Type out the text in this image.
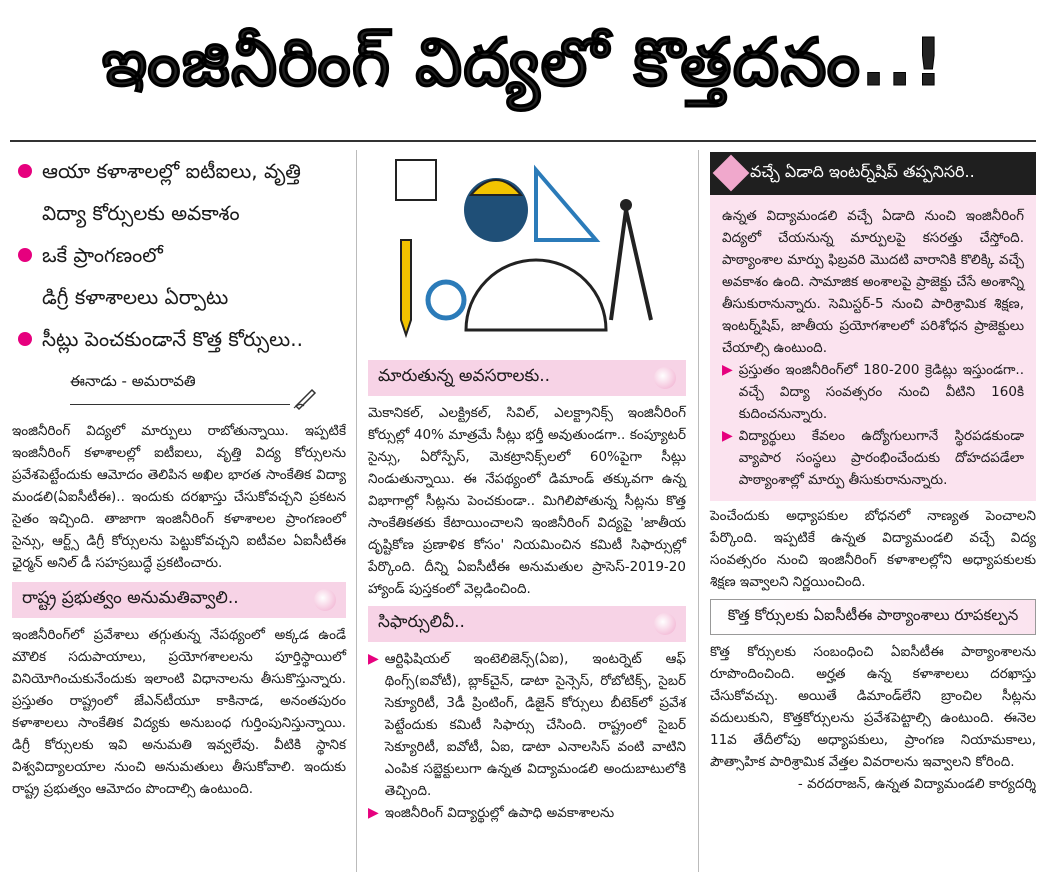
ఇంజినీరింగ్ విద్యలో కొత్తదనం..!
ఆయా కళాశాలల్లో ఐటీఐలు, వృత్తి
విద్యా కోర్సులకు అవకాశం
ఒకే ప్రాంగణంలో
డిగ్రీ కళాశాలలు ఏర్పాటు
సీట్లు పెంచకుండానే కొత్త కోర్సులు..
ఈనాడు - అమరావతి

ఇంజినీరింగ్ విద్యలో మార్పులు రాబోతున్నాయి. ఇప్పటికే ఇంజినీరింగ్ కళాశాలల్లో ఐటీఐలు, వృత్తి విద్య కోర్సులను ప్రవేశపెట్టేందుకు ఆమోదం తెలిపిన అఖిల భారత సాంకేతిక విద్యా మండలి(ఏఐసీటీఈ).. ఇందుకు దరఖాస్తు చేసుకోవచ్చని ప్రకటన సైతం ఇచ్చింది. తాజాగా ఇంజినీరింగ్ కళాశాలల ప్రాంగణంలో సైన్సు, ఆర్ట్స్ డిగ్రీ కోర్సులను పెట్టుకోవచ్చని ఐటీవల ఏఐసీటీఈ ఛైర్మన్ అనిల్ డీ సహస్రబుద్ధే ప్రకటించారు.

రాష్ట్ర ప్రభుత్వం అనుమతివ్వాలి..

ఇంజినీరింగ్‌లో ప్రవేశాలు తగ్గుతున్న నేపథ్యంలో అక్కడ ఉండే మౌలిక సదుపాయాలు, ప్రయోగశాలలను పూర్తిస్థాయిలో వినియోగించుకునేందుకు ఇలాంటి విధానాలను తీసుకొస్తున్నారు. ప్రస్తుతం రాష్ట్రంలో జేఎన్‌టీయూ కాకినాడ, అనంతపురం కళాశాలలు సాంకేతిక విద్యకు అనుబంధ గుర్తింపునిస్తున్నాయి. డిగ్రీ కోర్సులకు ఇవి అనుమతి ఇవ్వలేవు. వీటికి స్థానిక విశ్వవిద్యాలయాల నుంచి అనుమతులు తీసుకోవాలి. ఇందుకు రాష్ట్ర ప్రభుత్వం ఆమోదం పొందాల్సి ఉంటుంది.

మారుతున్న అవసరాలకు..

మెకానికల్, ఎలక్ట్రికల్, సివిల్, ఎలక్ట్రానిక్స్ ఇంజినీరింగ్ కోర్సుల్లో 40% మాత్రమే సీట్లు భర్తీ అవుతుండగా.. కంప్యూటర్ సైన్సు, ఏరోస్పేస్, మెకట్రానిక్స్‌లలో 60%పైగా సీట్లు నిండుతున్నాయి. ఈ నేపథ్యంలో డిమాండ్ తక్కువగా ఉన్న విభాగాల్లో సీట్లను పెంచకుండా.. మిగిలిపోతున్న సీట్లను కొత్త సాంకేతికతకు కేటాయించాలని ఇంజినీరింగ్ విద్యపై 'జాతీయ దృష్టికోణ ప్రణాళిక కోసం' నియమించిన కమిటీ సిఫార్సుల్లో పేర్కొంది. దీన్ని ఏఐసీటీఈ అనుమతుల ప్రాసెస్-2019-20 హ్యాండ్ పుస్తకంలో వెల్లడించింది.

సిఫార్సులివీ..
▶ ఆర్టిఫిషియల్ ఇంటెలిజెన్స్(ఏఐ), ఇంటర్నెట్ ఆఫ్ థింగ్స్(ఐవోటీ), బ్లాక్‌చైన్, డాటా సైన్సెస్, రోబోటిక్స్, సైబర్ సెక్యూరిటీ, 3డీ ప్రింటింగ్, డిజైన్ కోర్సులు బీటెక్‌లో ప్రవేశ పెట్టేందుకు కమిటీ సిఫార్సు చేసింది. రాష్ట్రంలో సైబర్ సెక్యూరిటీ, ఐవోటీ, ఏఐ, డాటా ఎనాలసిస్ వంటి వాటిని ఎంపిక సబ్జెక్టులుగా ఉన్నత విద్యామండలి అందుబాటులోకి తెచ్చింది.
▶ ఇంజినీరింగ్ విద్యార్థుల్లో ఉపాధి అవకాశాలను
వచ్చే ఏడాది ఇంటర్న్‌షిప్ తప్పనిసరి..

ఉన్నత విద్యామండలి వచ్చే ఏడాది నుంచి ఇంజినీరింగ్ విద్యలో చేయనున్న మార్పులపై కసరత్తు చేస్తోంది. పాఠ్యాంశాల మార్పు ఫిబ్రవరి మొదటి వారానికి కొలిక్కి వచ్చే అవకాశం ఉంది. సామాజిక అంశాలపై ప్రాజెక్టు చేసే అంశాన్ని తీసుకురానున్నారు. సెమిస్టర్-5 నుంచి పారిశ్రామిక శిక్షణ, ఇంటర్న్‌షిప్, జాతీయ ప్రయోగశాలలో పరిశోధన ప్రాజెక్టులు చేయాల్సి ఉంటుంది.

▶ ప్రస్తుతం ఇంజినీరింగ్‌లో 180-200 క్రెడిట్లు ఇస్తుండగా.. వచ్చే విద్యా సంవత్సరం నుంచి వీటిని 160కి కుదించనున్నారు.
▶ విద్యార్థులు కేవలం ఉద్యోగులుగానే స్థిరపడకుండా వ్యాపార సంస్థలు ప్రారంభించేందుకు దోహదపడేలా పాఠ్యాంశాల్లో మార్పు తీసుకురానున్నారు.

పెంచేందుకు అధ్యాపకుల బోధనలో నాణ్యత పెంచాలని పేర్కొంది. ఇప్పటికే ఉన్నత విద్యామండలి వచ్చే విద్య సంవత్సరం నుంచి ఇంజినీరింగ్ కళాశాలల్లోని అధ్యాపకులకు శిక్షణ ఇవ్వాలని నిర్ణయించింది.

కొత్త కోర్సులకు ఏఐసీటీఈ పాఠ్యాంశాలు రూపకల్పన

కొత్త కోర్సులకు సంబంధించి ఏఐసీటీఈ పాఠ్యాంశాలను రూపొందించింది. అర్హత ఉన్న కళాశాలలు దరఖాస్తు చేసుకోవచ్చు. అయితే డిమాండ్‌లేని బ్రాంచిల సీట్లను వదులుకుని, కొత్తకోర్సులను ప్రవేశపెట్టాల్సి ఉంటుంది. ఈనెల 11వ తేదీలోపు అధ్యాపకులు, ప్రాంగణ నియామకాలు, పౌత్సాహిక పారిశ్రామిక వేత్తల వివరాలను ఇవ్వాలని కోరింది.

- వరదరాజన్, ఉన్నత విద్యామండలి కార్యదర్శి
